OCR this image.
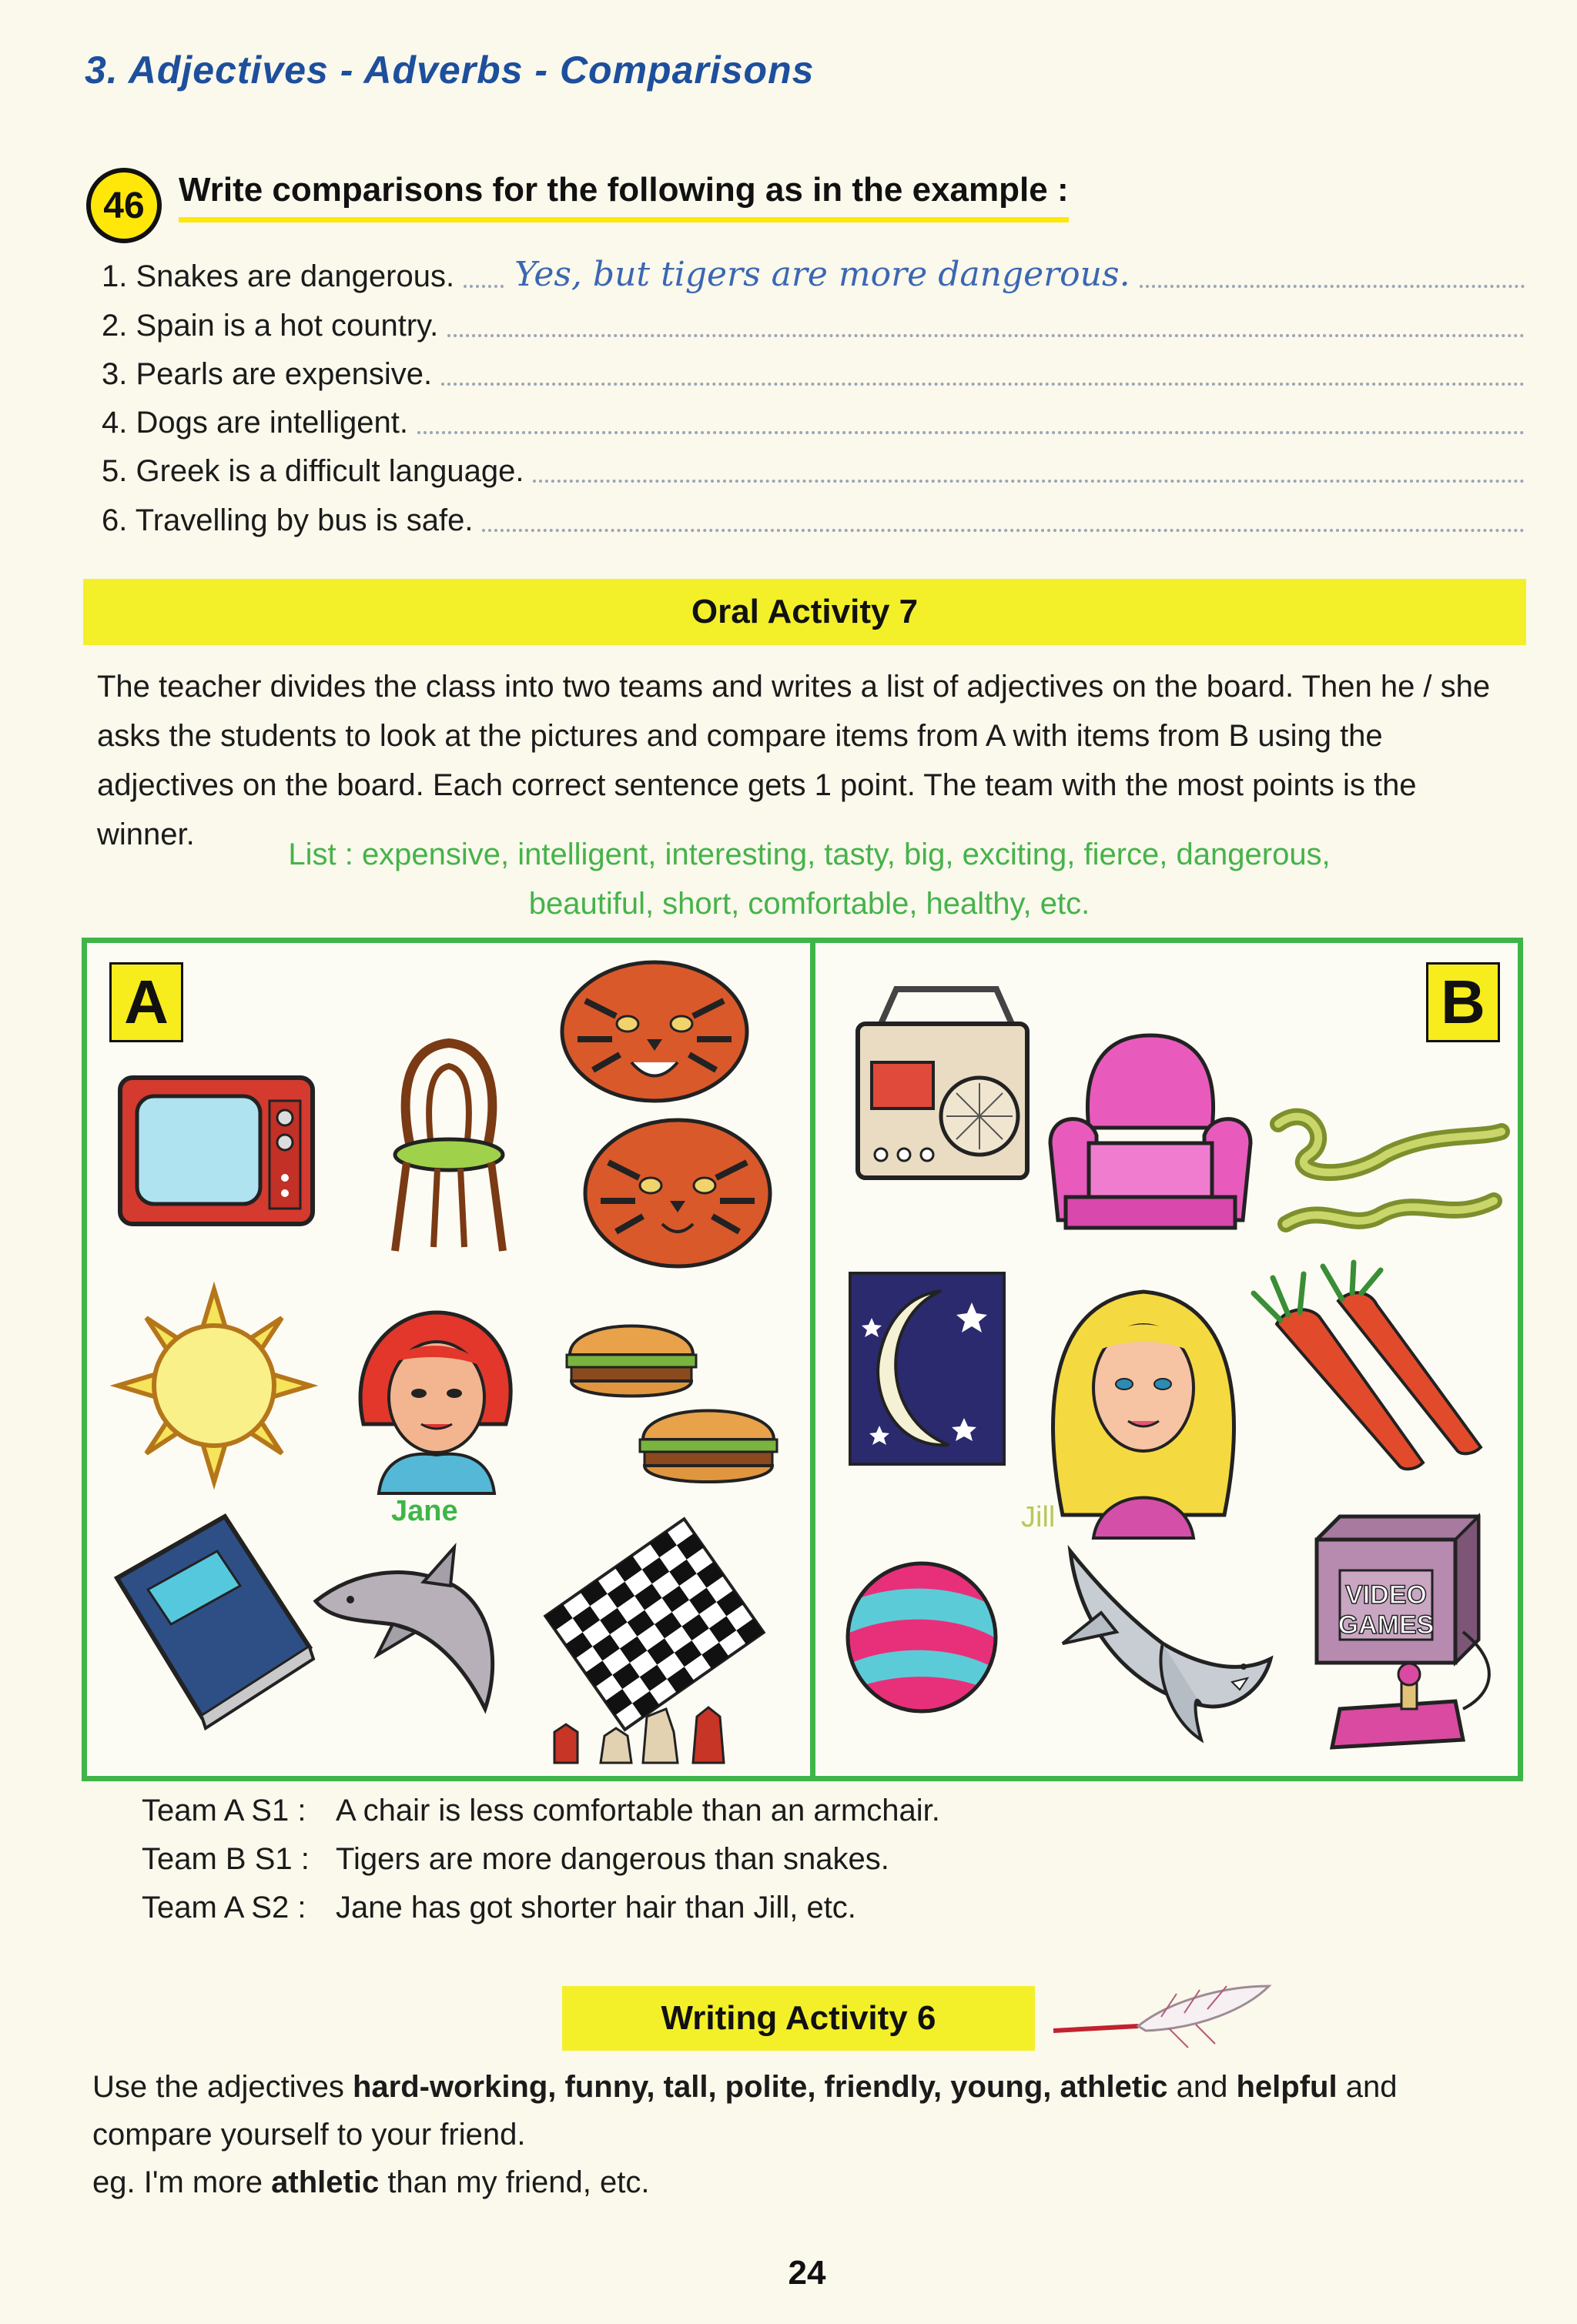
3. Adjectives - Adverbs - Comparisons
46	Write comparisons for the following as in the example :
1. Snakes are dangerous. Yes, but tigers are more dangerous.
2. Spain is a hot country.
3. Pearls are expensive.
4. Dogs are intelligent.
5. Greek is a difficult language.
6. Travelling by bus is safe.
Oral Activity 7
The teacher divides the class into two teams and writes a list of adjectives on the board. Then he / she asks the students to look at the pictures and compare items from A with items from B using the adjectives on the board. Each correct sentence gets 1 point. The team with the most points is the winner.
List : expensive, intelligent, interesting, tasty, big, exciting, fierce, dangerous,
beautiful, short, comfortable, healthy, etc.
A	B
Jane	Jill
VIDEO
GAMES
Team A S1 : A chair is less comfortable than an armchair.
Team B S1 : Tigers are more dangerous than snakes.
Team A S2 : Jane has got shorter hair than Jill, etc.
Writing Activity 6
Use the adjectives hard-working, funny, tall, polite, friendly, young, athletic and helpful and compare yourself to your friend.
eg. I'm more athletic than my friend, etc.
24
